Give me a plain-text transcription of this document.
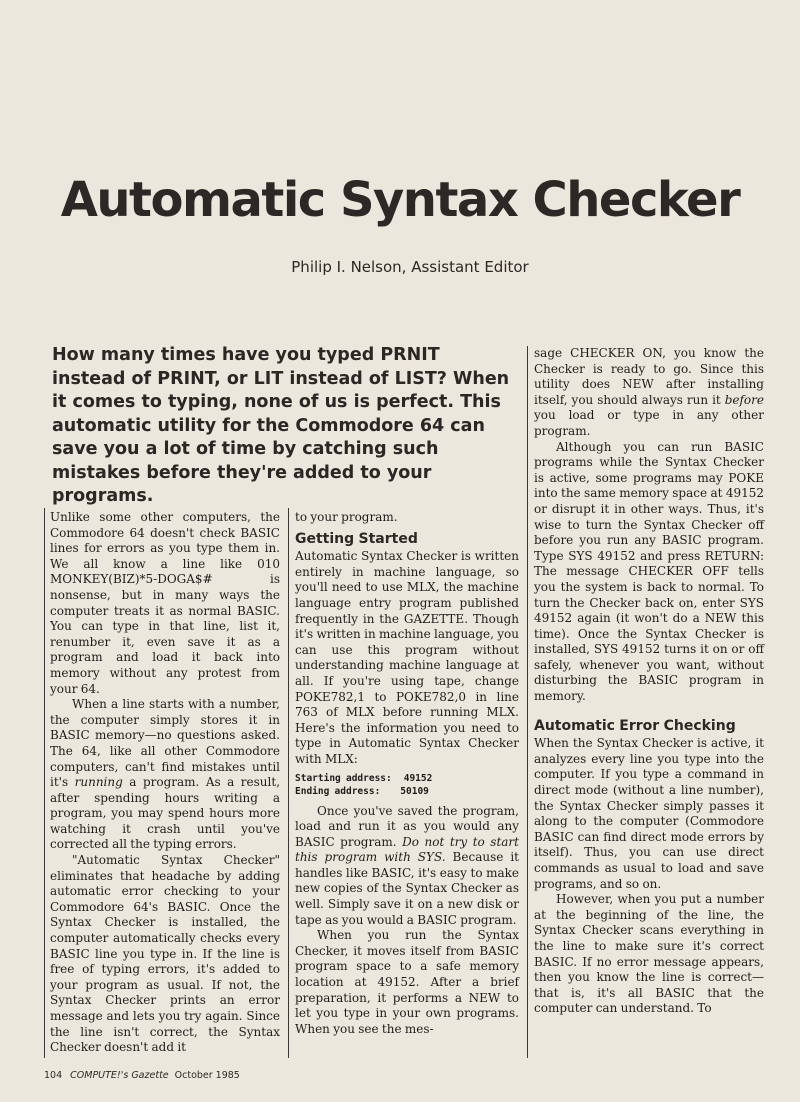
Automatic Syntax Checker
Philip I. Nelson, Assistant Editor

How many times have you typed PRNIT instead of PRINT, or LIT instead of LIST? When it comes to typing, none of us is perfect. This automatic utility for the Commodore 64 can save you a lot of time by catching such mistakes before they're added to your programs.

Unlike some other computers, the Commodore 64 doesn't check BASIC lines for errors as you type them in. We all know a line like 010 MONKEY(BIZ)*5-DOGA$# is nonsense, but in many ways the computer treats it as normal BASIC. You can type in that line, list it, renumber it, even save it as a program and load it back into memory without any protest from your 64.

When a line starts with a number, the computer simply stores it in BASIC memory—no questions asked. The 64, like all other Commodore computers, can't find mistakes until it's running a program. As a result, after spending hours writing a program, you may spend hours more watching it crash until you've corrected all the typing errors.

"Automatic Syntax Checker" eliminates that headache by adding automatic error checking to your Commodore 64's BASIC. Once the Syntax Checker is installed, the computer automatically checks every BASIC line you type in. If the line is free of typing errors, it's added to your program as usual. If not, the Syntax Checker prints an error message and lets you try again. Since the line isn't correct, the Syntax Checker doesn't add it

to your program.

Getting Started

Automatic Syntax Checker is written entirely in machine language, so you'll need to use MLX, the machine language entry program published frequently in the GAZETTE. Though it's written in machine language, you can use this program without understanding machine language at all. If you're using tape, change POKE782,1 to POKE782,0 in line 763 of MLX before running MLX. Here's the information you need to type in Automatic Syntax Checker with MLX:

Starting address: 49152
Ending address: 50109

Once you've saved the program, load and run it as you would any BASIC program. Do not try to start this program with SYS. Because it handles like BASIC, it's easy to make new copies of the Syntax Checker as well. Simply save it on a new disk or tape as you would a BASIC program.

When you run the Syntax Checker, it moves itself from BASIC program space to a safe memory location at 49152. After a brief preparation, it performs a NEW to let you type in your own programs. When you see the mes-

sage CHECKER ON, you know the Checker is ready to go. Since this utility does NEW after installing itself, you should always run it before you load or type in any other program.

Although you can run BASIC programs while the Syntax Checker is active, some programs may POKE into the same memory space at 49152 or disrupt it in other ways. Thus, it's wise to turn the Syntax Checker off before you run any BASIC program. Type SYS 49152 and press RETURN: The message CHECKER OFF tells you the system is back to normal. To turn the Checker back on, enter SYS 49152 again (it won't do a NEW this time). Once the Syntax Checker is installed, SYS 49152 turns it on or off safely, whenever you want, without disturbing the BASIC program in memory.

Automatic Error Checking

When the Syntax Checker is active, it analyzes every line you type into the computer. If you type a command in direct mode (without a line number), the Syntax Checker simply passes it along to the computer (Commodore BASIC can find direct mode errors by itself). Thus, you can use direct commands as usual to load and save programs, and so on.

However, when you put a number at the beginning of the line, the Syntax Checker scans everything in the line to make sure it's correct BASIC. If no error message appears, then you know the line is correct—that is, it's all BASIC that the computer can understand. To

104 COMPUTE!'s Gazette October 1985
